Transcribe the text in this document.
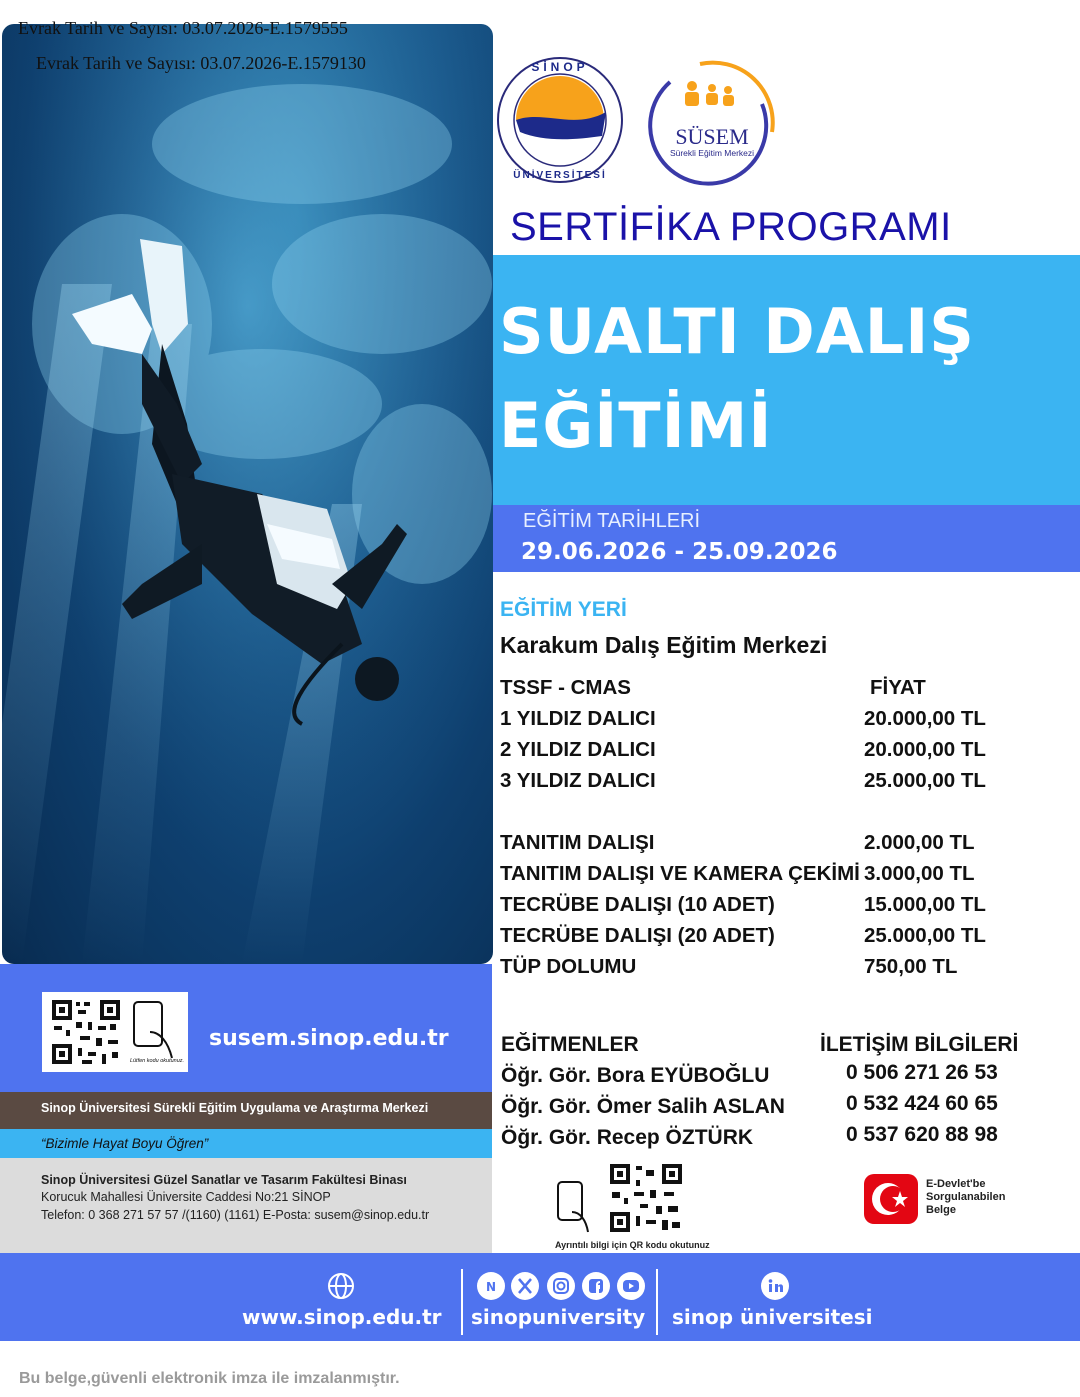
Evrak Tarih ve Sayısı: 03.07.2026-E.1579555
Evrak Tarih ve Sayısı: 03.07.2026-E.1579130
2007
SİNOP
ÜNİVERSİTESİ
SÜSEM
Sürekli Eğitim Merkezi
SERTİFİKA PROGRAMI
SUALTI DALIŞ
EĞİTİMİ
EĞİTİM TARİHLERİ
29.06.2026 - 25.09.2026
EĞİTİM YERİ
Karakum Dalış Eğitim Merkezi
TSSF - CMAS	FİYAT
1 YILDIZ DALICI	20.000,00 TL
2 YILDIZ DALICI	20.000,00 TL
3 YILDIZ DALICI	25.000,00 TL
TANITIM DALIŞI	2.000,00 TL
TANITIM DALIŞI VE KAMERA ÇEKİMİ 3.000,00 TL
TECRÜBE DALIŞI (10 ADET)	15.000,00 TL
TECRÜBE DALIŞI (20 ADET)	25.000,00 TL
TÜP DOLUMU	750,00 TL
Lütfen kodu okutunuz.
susem.sinop.edu.tr
Sinop Üniversitesi Sürekli Eğitim Uygulama ve Araştırma Merkezi
“Bizimle Hayat Boyu Öğren”
Sinop Üniversitesi Güzel Sanatlar ve Tasarım Fakültesi Binası
Korucuk Mahallesi Üniversite Caddesi No:21 SİNOP
Telefon: 0 368 271 57 57 /(1160) (1161) E-Posta: susem@sinop.edu.tr
EĞİTMENLER
Öğr. Gör. Bora EYÜBOĞLU
Öğr. Gör. Ömer Salih ASLAN
Öğr. Gör. Recep ÖZTÜRK
İLETİŞİM BİLGİLERİ
0 506 271 26 53
0 532 424 60 65
0 537 620 88 98
Ayrıntılı bilgi için QR kodu okutunuz
E-Devlet'be
Sorgulanabilen
Belge
N
www.sinop.edu.tr sinopuniversity sinop üniversitesi
Bu belge,güvenli elektronik imza ile imzalanmıştır.
